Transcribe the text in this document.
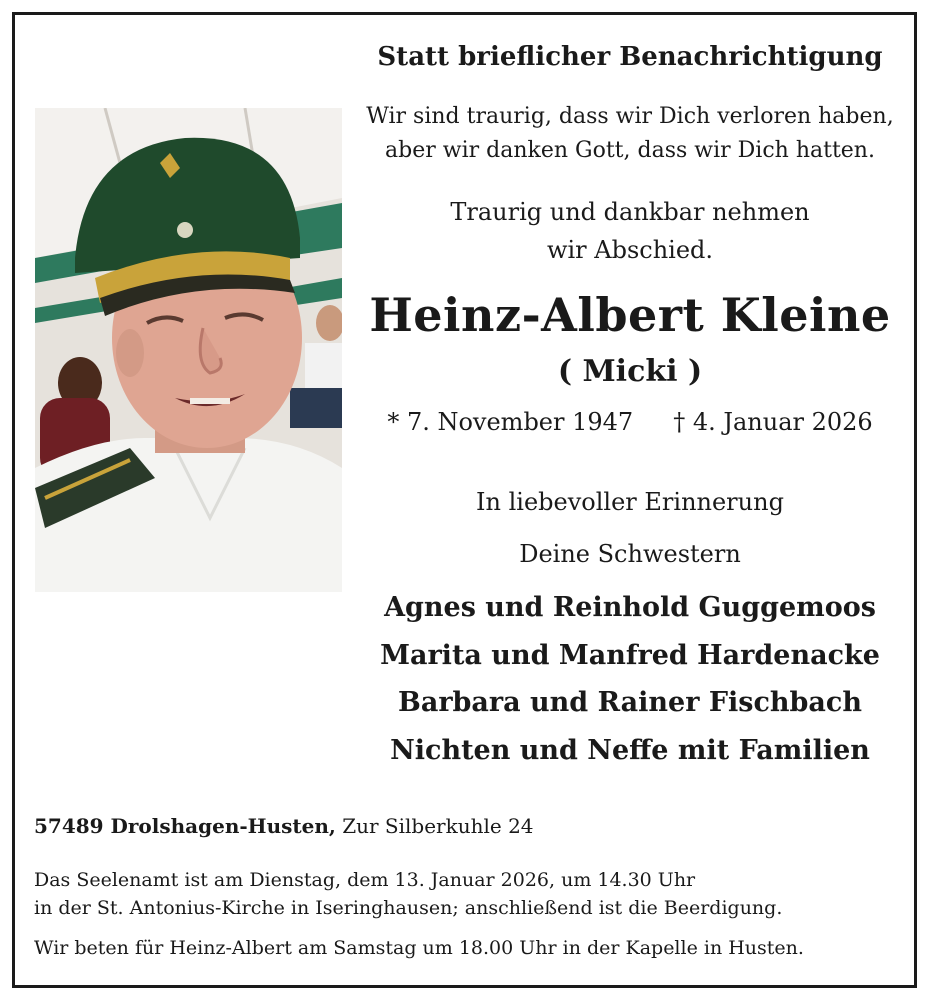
Statt brieflicher Benachrichtigung
Wir sind traurig, dass wir Dich verloren haben,
aber wir danken Gott, dass wir Dich hatten.
Traurig und dankbar nehmen
wir Abschied.
Heinz-Albert Kleine
( Micki )
* 7. November 1947 † 4. Januar 2026
In liebevoller Erinnerung
Deine Schwestern
Agnes und Reinhold Guggemoos
Marita und Manfred Hardenacke
Barbara und Rainer Fischbach
Nichten und Neffe mit Familien
57489 Drolshagen-Husten, Zur Silberkuhle 24
Das Seelenamt ist am Dienstag, dem 13. Januar 2026, um 14.30 Uhr
in der St. Antonius-Kirche in Iseringhausen; anschließend ist die Beerdigung.
Wir beten für Heinz-Albert am Samstag um 18.00 Uhr in der Kapelle in Husten.
